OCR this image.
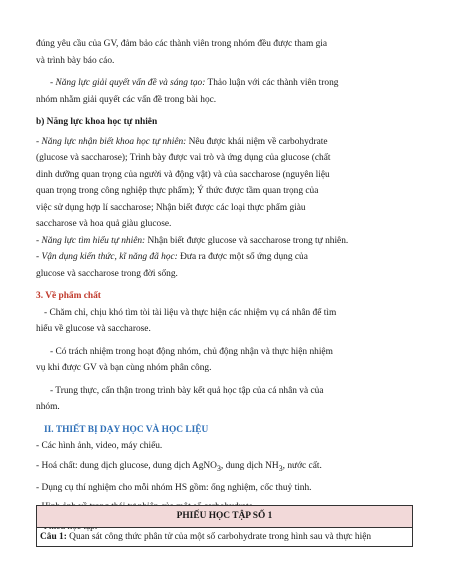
đúng yêu cầu của GV, đảm bảo các thành viên trong nhóm đều được tham gia

và trình bày báo cáo.

- Năng lực giải quyết vấn đề và sáng tạo: Thảo luận với các thành viên trong

nhóm nhằm giải quyết các vấn đề trong bài học.

b) Năng lực khoa học tự nhiên

- Năng lực nhận biết khoa học tự nhiên: Nêu được khái niệm về carbohydrate

(glucose và saccharose); Trình bày được vai trò và ứng dụng của glucose (chất

dinh dưỡng quan trọng của người và động vật) và của saccharose (nguyên liệu

quan trọng trong công nghiệp thực phẩm); Ý thức được tầm quan trọng của

việc sử dụng hợp lí saccharose; Nhận biết được các loại thực phẩm giàu

saccharose và hoa quả giàu glucose.

- Năng lực tìm hiểu tự nhiên: Nhận biết được glucose và saccharose trong tự nhiên.

- Vận dụng kiến thức, kĩ năng đã học: Đưa ra được một số ứng dụng của

glucose và saccharose trong đời sống.

3. Về phẩm chất

- Chăm chỉ, chịu khó tìm tòi tài liệu và thực hiện các nhiệm vụ cá nhân để tìm

hiểu về glucose và saccharose.

- Có trách nhiệm trong hoạt động nhóm, chủ động nhận và thực hiện nhiệm

vụ khi được GV và bạn cùng nhóm phân công.

- Trung thực, cẩn thận trong trình bày kết quả học tập của cá nhân và của

nhóm.

II. THIẾT BỊ DẠY HỌC VÀ HỌC LIỆU

- Các hình ảnh, video, máy chiếu.

- Hoá chất: dung dịch glucose, dung dịch AgNO$_3$, dung dịch $NH_3$, nước cất.

- Dụng cụ thí nghiệm cho mỗi nhóm HS gồm: ống nghiệm, cốc thuỷ tinh.

PHIẾU HỌC TẬP SỐ 1
Câu 1: Quan sát công thức phân tử của một số carbohydrate trong hình sau và thực hiện
